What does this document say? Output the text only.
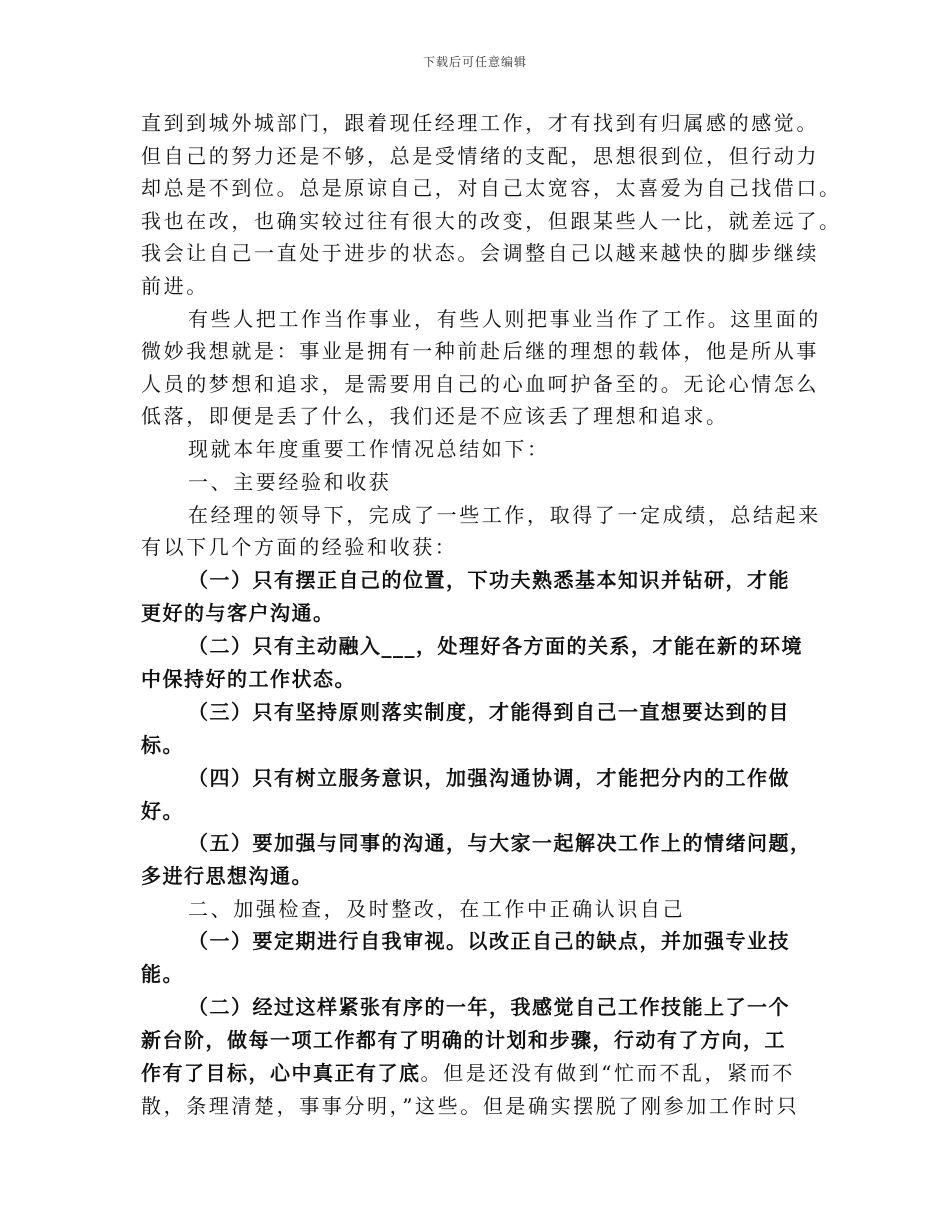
下载后可任意编辑
直到到城外城部门，跟着现任经理工作，才有找到有归属感的感觉。
但自己的努力还是不够，总是受情绪的支配，思想很到位，但行动力
却总是不到位。总是原谅自己，对自己太宽容，太喜爱为自己找借口。
我也在改，也确实较过往有很大的改变，但跟某些人一比，就差远了。
我会让自己一直处于进步的状态。会调整自己以越来越快的脚步继续
前进。
有些人把工作当作事业，有些人则把事业当作了工作。这里面的
微妙我想就是：事业是拥有一种前赴后继的理想的载体，他是所从事
人员的梦想和追求，是需要用自己的心血呵护备至的。无论心情怎么
低落，即便是丢了什么，我们还是不应该丢了理想和追求。
现就本年度重要工作情况总结如下：
一、主要经验和收获
在经理的领导下，完成了一些工作，取得了一定成绩，总结起来
有以下几个方面的经验和收获：
（一）只有摆正自己的位置，下功夫熟悉基本知识并钻研，才能
更好的与客户沟通。
（二）只有主动融入___，处理好各方面的关系，才能在新的环境
中保持好的工作状态。
（三）只有坚持原则落实制度，才能得到自己一直想要达到的目
标。
（四）只有树立服务意识，加强沟通协调，才能把分内的工作做
好。
（五）要加强与同事的沟通，与大家一起解决工作上的情绪问题，
多进行思想沟通。
二、加强检查，及时整改，在工作中正确认识自己
（一）要定期进行自我审视。以改正自己的缺点，并加强专业技
能。
（二）经过这样紧张有序的一年，我感觉自己工作技能上了一个
新台阶，做每一项工作都有了明确的计划和步骤，行动有了方向，工
作有了目标，心中真正有了底。但是还没有做到“忙而不乱，紧而不
散，条理清楚，事事分明，”这些。但是确实摆脱了刚参加工作时只
